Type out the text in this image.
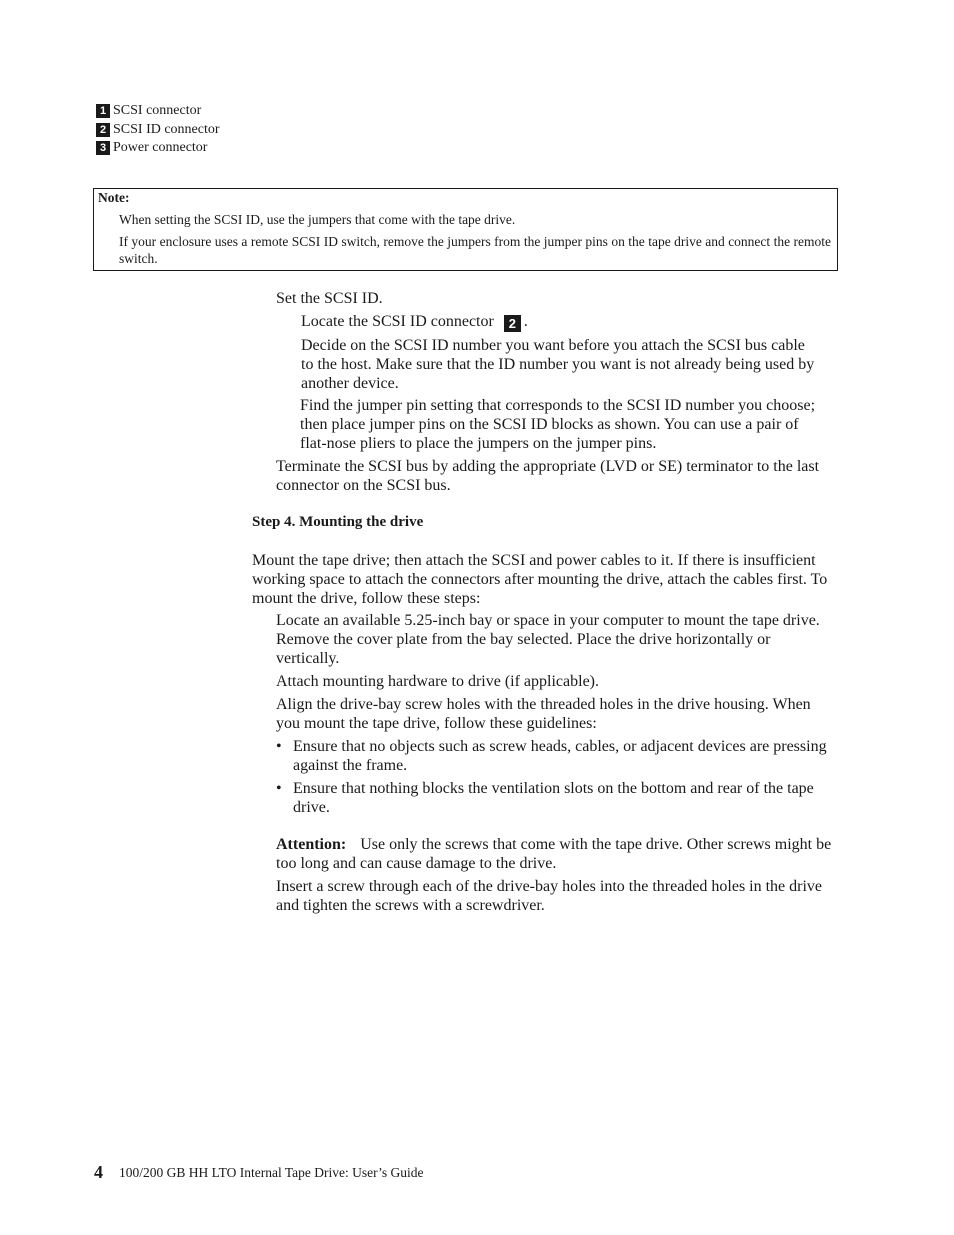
1 SCSI connector
2 SCSI ID connector
3 Power connector
Note:
When setting the SCSI ID, use the jumpers that come with the tape drive.
If your enclosure uses a remote SCSI ID switch, remove the jumpers from the jumper pins on the tape drive and connect the remote switch.
Set the SCSI ID.
Locate the SCSI ID connector 2 .
Decide on the SCSI ID number you want before you attach the SCSI bus cable to the host. Make sure that the ID number you want is not already being used by another device.
Find the jumper pin setting that corresponds to the SCSI ID number you choose; then place jumper pins on the SCSI ID blocks as shown. You can use a pair of flat-nose pliers to place the jumpers on the jumper pins.
Terminate the SCSI bus by adding the appropriate (LVD or SE) terminator to the last connector on the SCSI bus.
Step 4. Mounting the drive
Mount the tape drive; then attach the SCSI and power cables to it. If there is insufficient working space to attach the connectors after mounting the drive, attach the cables first. To mount the drive, follow these steps:
Locate an available 5.25-inch bay or space in your computer to mount the tape drive. Remove the cover plate from the bay selected. Place the drive horizontally or vertically.
Attach mounting hardware to drive (if applicable).
Align the drive-bay screw holes with the threaded holes in the drive housing. When you mount the tape drive, follow these guidelines:
• Ensure that no objects such as screw heads, cables, or adjacent devices are pressing against the frame.
• Ensure that nothing blocks the ventilation slots on the bottom and rear of the tape drive.
Attention: Use only the screws that come with the tape drive. Other screws might be too long and can cause damage to the drive.
Insert a screw through each of the drive-bay holes into the threaded holes in the drive and tighten the screws with a screwdriver.
4 100/200 GB HH LTO Internal Tape Drive: User’s Guide
